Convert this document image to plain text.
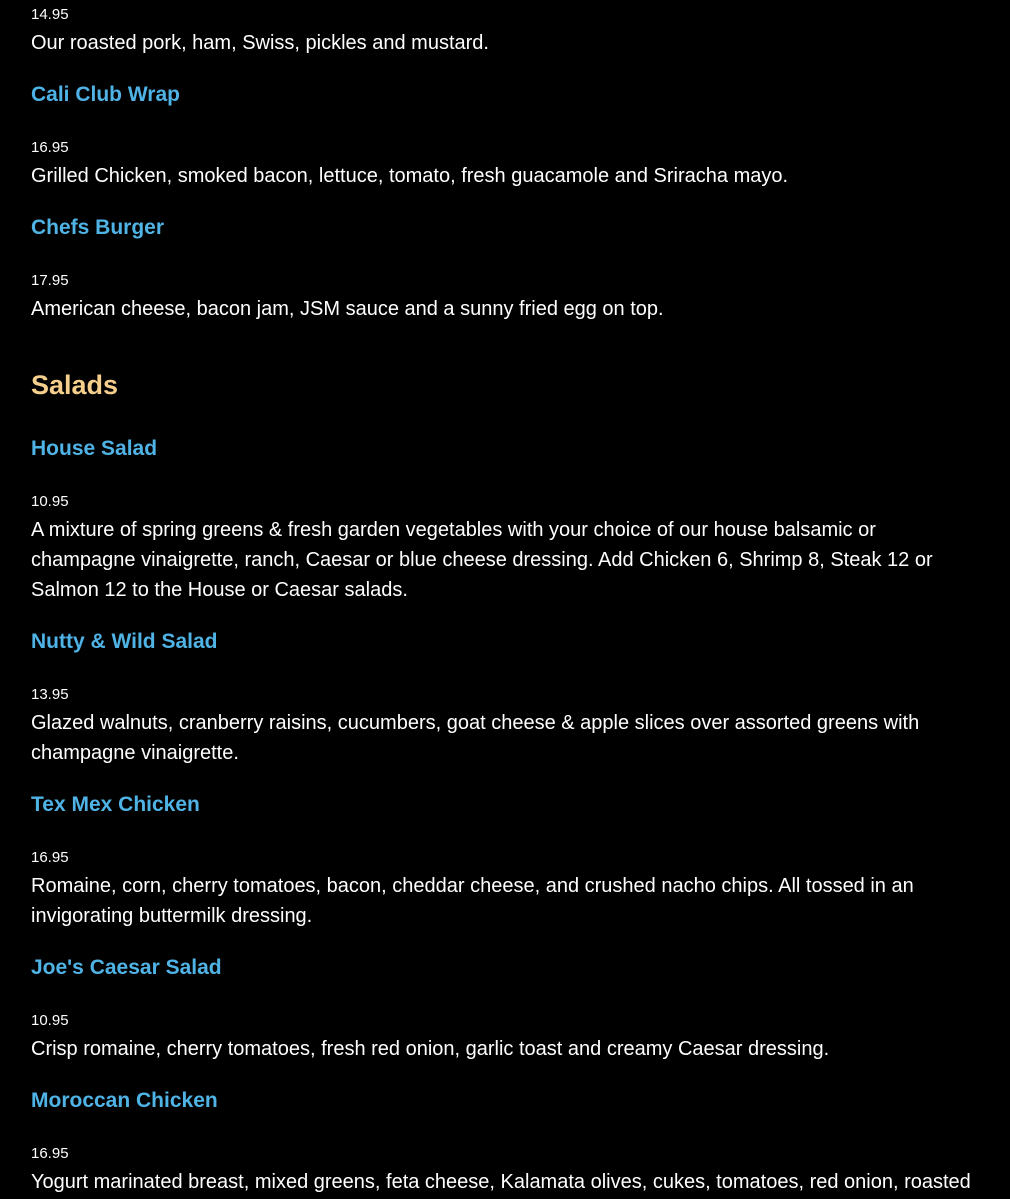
14.95

Our roasted pork, ham, Swiss, pickles and mustard.

Cali Club Wrap

16.95

Grilled Chicken, smoked bacon, lettuce, tomato, fresh guacamole and Sriracha mayo.

Chefs Burger

17.95

American cheese, bacon jam, JSM sauce and a sunny fried egg on top.

Salads
House Salad

10.95

A mixture of spring greens & fresh garden vegetables with your choice of our house balsamic or champagne vinaigrette, ranch, Caesar or blue cheese dressing. Add Chicken 6, Shrimp 8, Steak 12 or Salmon 12 to the House or Caesar salads.

Nutty & Wild Salad

13.95

Glazed walnuts, cranberry raisins, cucumbers, goat cheese & apple slices over assorted greens with champagne vinaigrette.

Tex Mex Chicken

16.95

Romaine, corn, cherry tomatoes, bacon, cheddar cheese, and crushed nacho chips. All tossed in an invigorating buttermilk dressing.

Joe's Caesar Salad

10.95

Crisp romaine, cherry tomatoes, fresh red onion, garlic toast and creamy Caesar dressing.

Moroccan Chicken

16.95

Yogurt marinated breast, mixed greens, feta cheese, Kalamata olives, cukes, tomatoes, red onion, roasted
